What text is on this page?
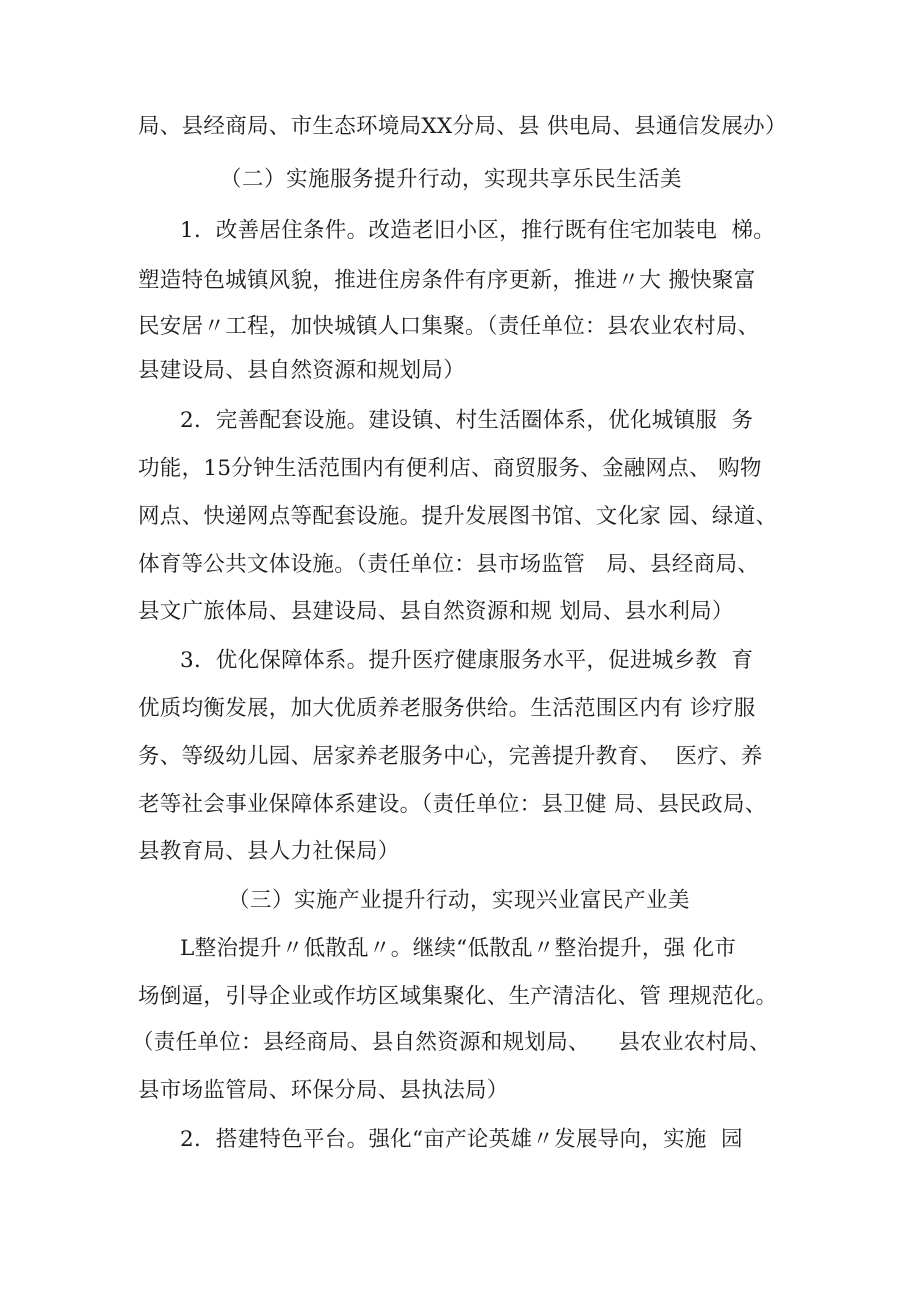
局、县经商局、市生态环境局XX分局、县 供电局、县通信发展办）
（二）实施服务提升行动，实现共享乐民生活美
1．改善居住条件。改造老旧小区，推行既有住宅加装电  梯。
塑造特色城镇风貌，推进住房条件有序更新，推进〃大 搬快聚富
民安居〃工程，加快城镇人口集聚。（责任单位：县农业农村局、
县建设局、县自然资源和规划局）
2．完善配套设施。建设镇、村生活圈体系，优化城镇服  务
功能，15分钟生活范围内有便利店、商贸服务、金融网点、 购物
网点、快递网点等配套设施。提升发展图书馆、文化家 园、绿道、
体育等公共文体设施。（责任单位：县市场监管   局、县经商局、
县文广旅体局、县建设局、县自然资源和规 划局、县水利局）
3．优化保障体系。提升医疗健康服务水平，促进城乡教  育
优质均衡发展，加大优质养老服务供给。生活范围区内有 诊疗服
务、等级幼儿园、居家养老服务中心，完善提升教育、  医疗、养
老等社会事业保障体系建设。（责任单位：县卫健 局、县民政局、
县教育局、县人力社保局）
（三）实施产业提升行动，实现兴业富民产业美
L整治提升〃低散乱〃。继续“低散乱〃整治提升，强 化市
场倒逼，引导企业或作坊区域集聚化、生产清洁化、管 理规范化。
（责任单位：县经商局、县自然资源和规划局、    县农业农村局、
县市场监管局、环保分局、县执法局）
2．搭建特色平台。强化“亩产论英雄〃发展导向，实施  园
